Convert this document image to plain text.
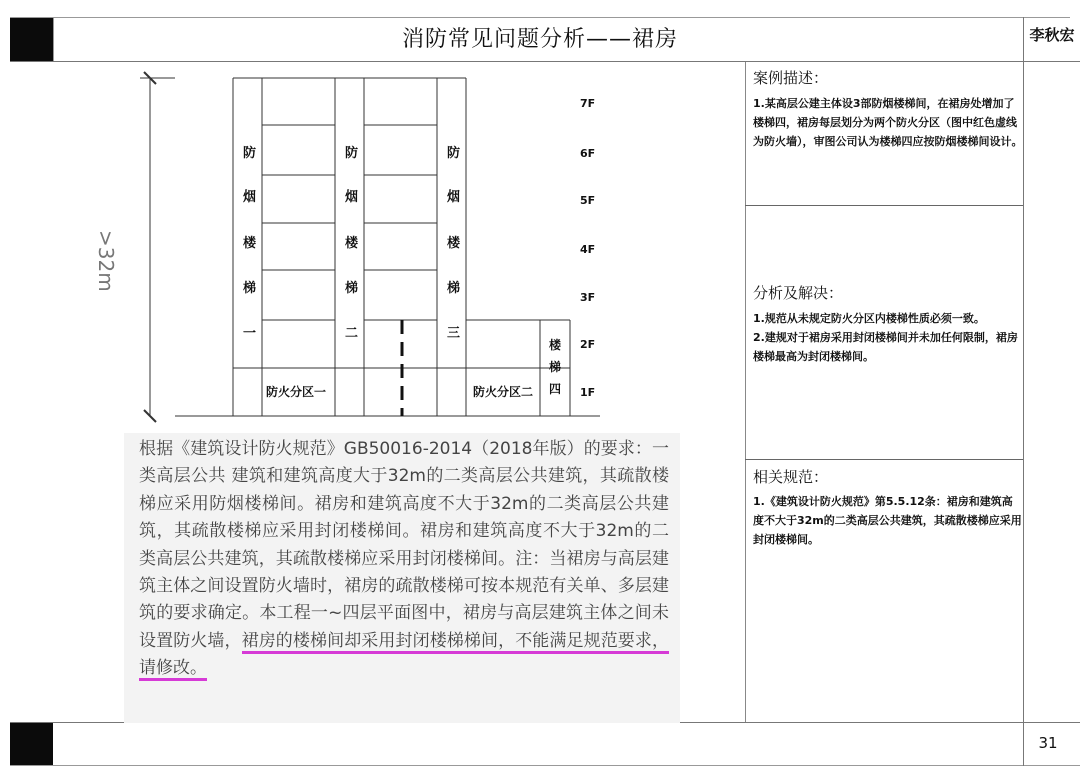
消防常见问题分析——裙房	李秋宏
>32m
7F
6F
5F
4F
3F
2F
1F
防
烟
楼
梯
一
防
烟
楼
梯
二
防
烟
楼
梯
三
楼
梯
四
防火分区一	防火分区二
案例描述：
1.某高层公建主体设3部防烟楼梯间，在裙房处增加了楼梯四，裙房每层划分为两个防火分区（图中红色虚线为防火墙），审图公司认为楼梯四应按防烟楼梯间设计。
分析及解决：
1.规范从未规定防火分区内楼梯性质必须一致。
2.建规对于裙房采用封闭楼梯间并未加任何限制，裙房楼梯最高为封闭楼梯间。
相关规范：
1.《建筑设计防火规范》第5.5.12条：裙房和建筑高度不大于32m的二类高层公共建筑，其疏散楼梯应采用封闭楼梯间。
根据《建筑设计防火规范》GB50016-2014（2018年版）的要求：一类高层公共 建筑和建筑高度大于32m的二类高层公共建筑，其疏散楼梯应采用防烟楼梯间。裙房和建筑高度不大于32m的二类高层公共建筑，其疏散楼梯应采用封闭楼梯间。裙房和建筑高度不大于32m的二类高层公共建筑，其疏散楼梯应采用封闭楼梯间。注：当裙房与高层建筑主体之间设置防火墙时，裙房的疏散楼梯可按本规范有关单、多层建筑的要求确定。本工程一~四层平面图中，裙房与高层建筑主体之间未设置防火墙，裙房的楼梯间却采用封闭楼梯梯间，不能满足规范要求，请修改。
31
